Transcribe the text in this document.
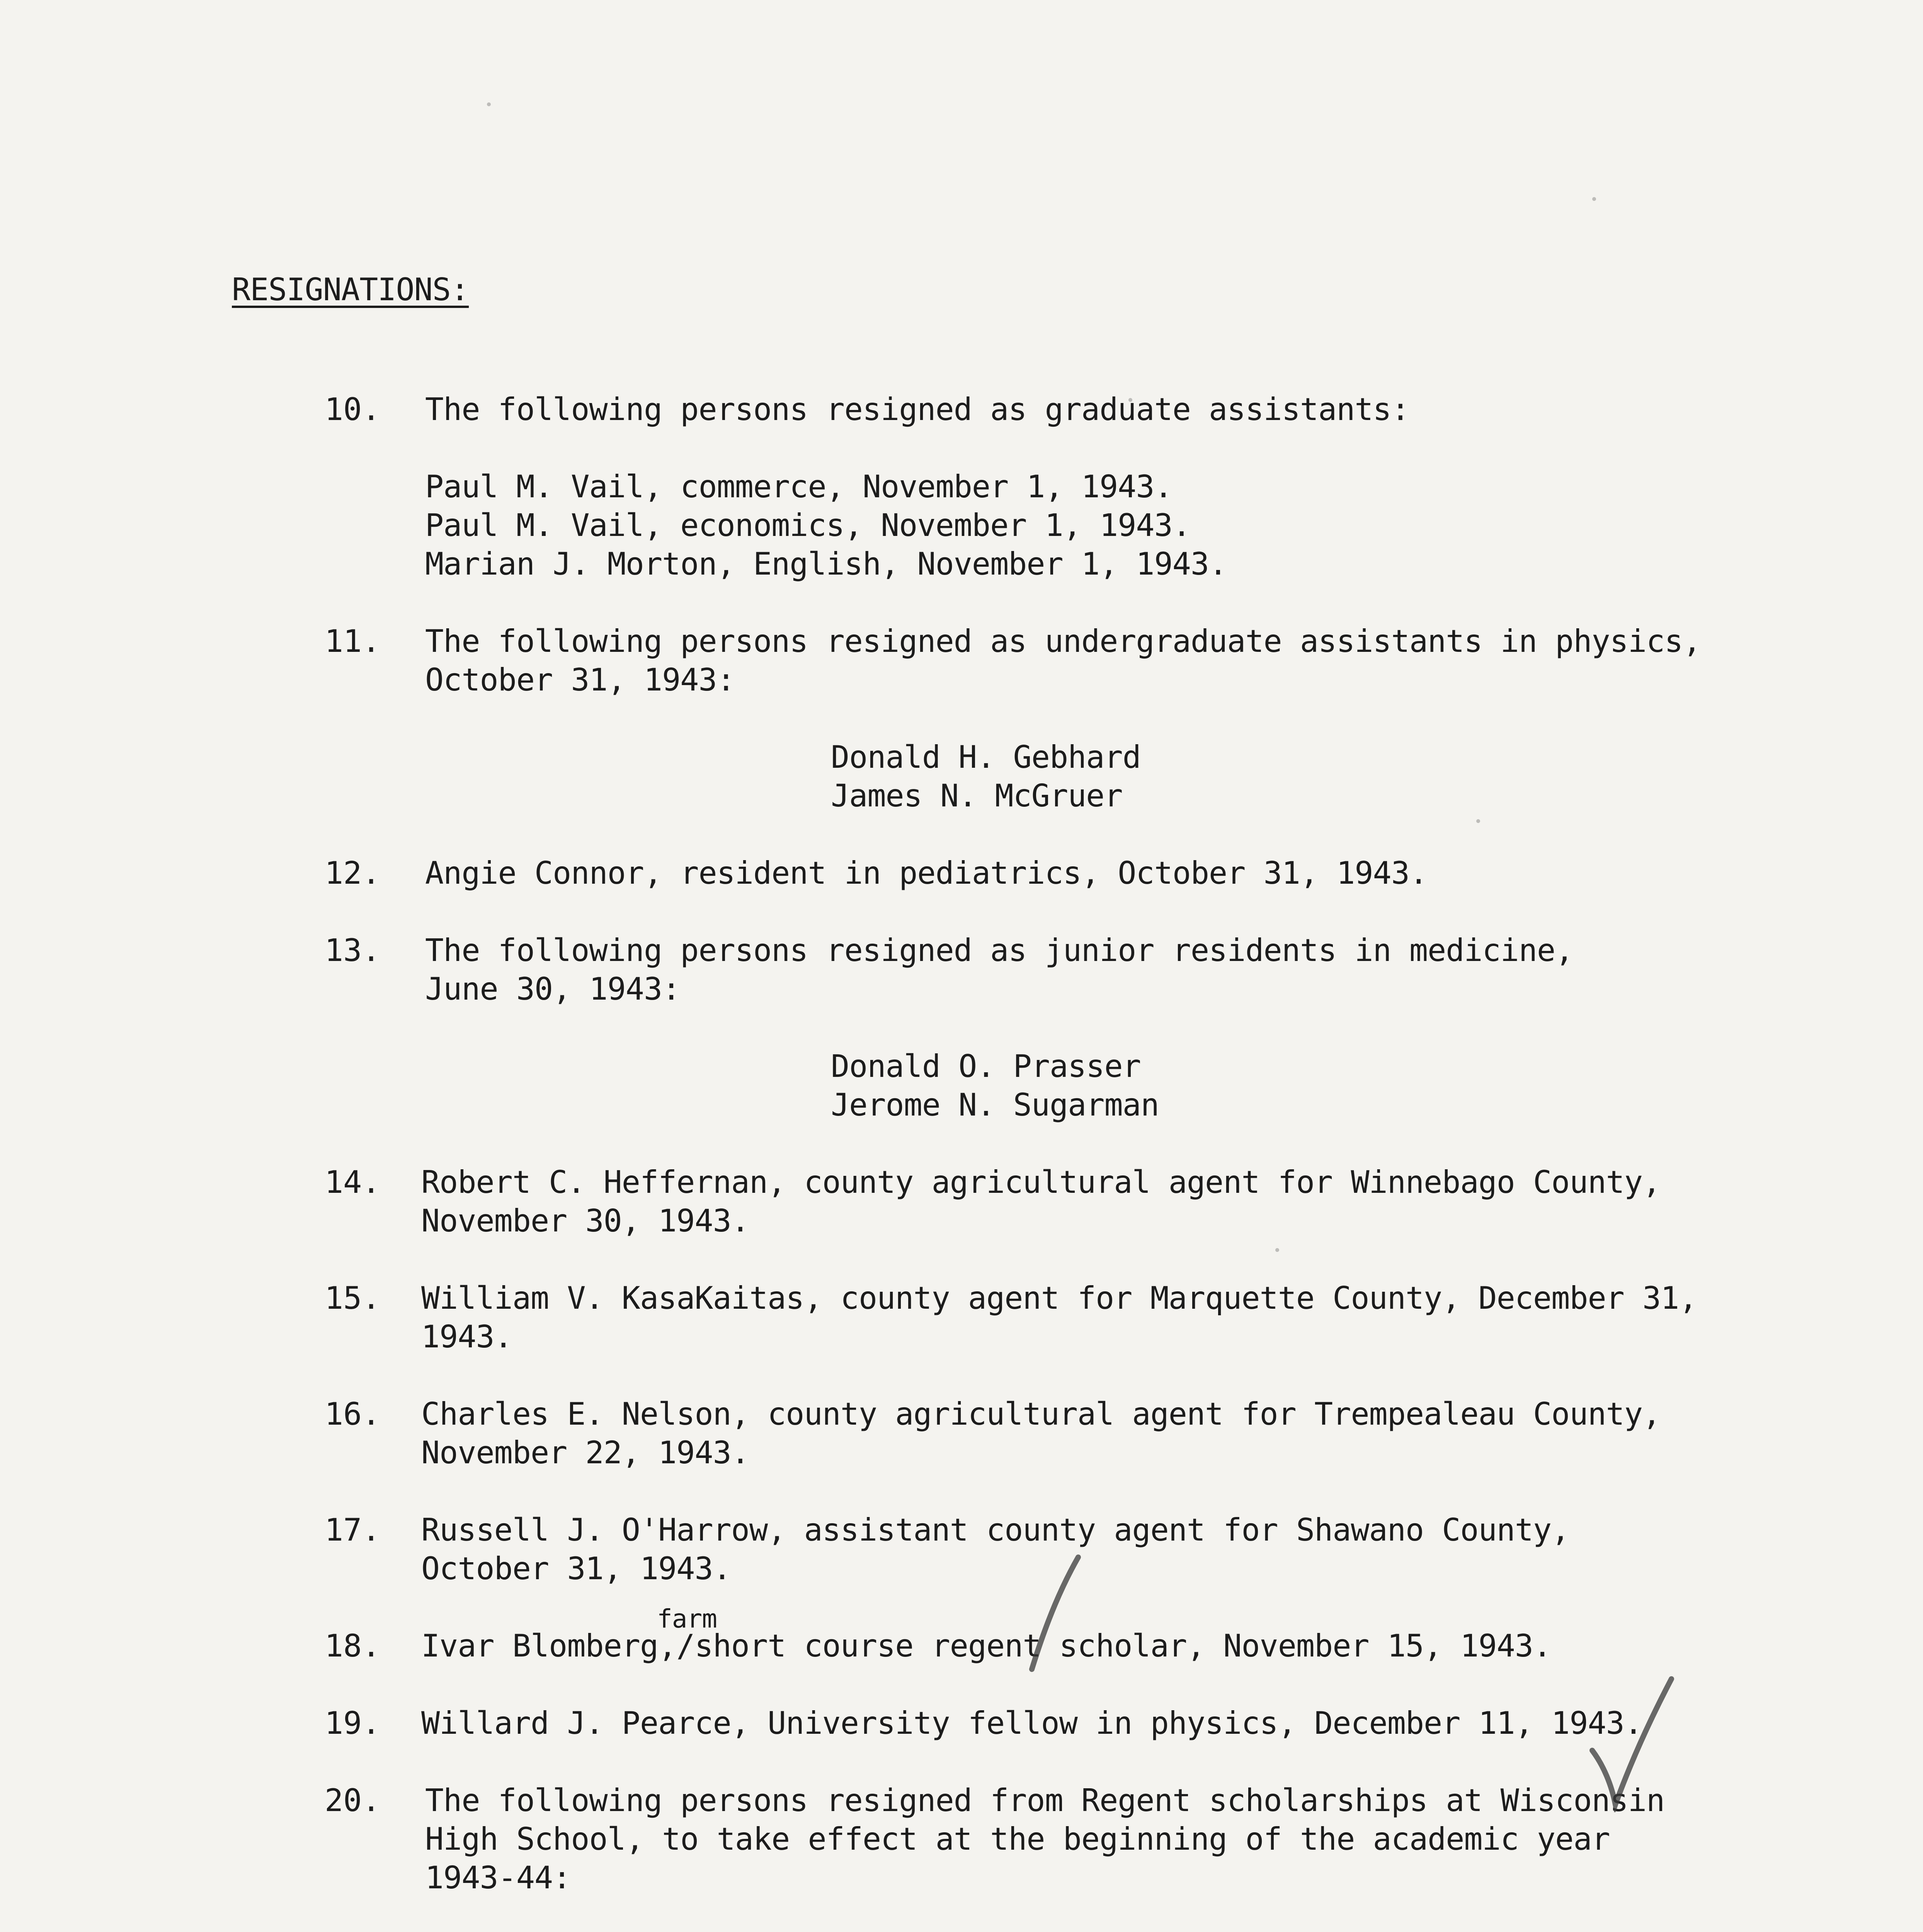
RESIGNATIONS:
10. The following persons resigned as graduate assistants:
Paul M. Vail, commerce, November 1, 1943.
Paul M. Vail, economics, November 1, 1943.
Marian J. Morton, English, November 1, 1943.
11. The following persons resigned as undergraduate assistants in physics,
October 31, 1943:
Donald H. Gebhard
James N. McGruer
12. Angie Connor, resident in pediatrics, October 31, 1943.
13. The following persons resigned as junior residents in medicine,
June 30, 1943:
Donald O. Prasser
Jerome N. Sugarman
14. Robert C. Heffernan, county agricultural agent for Winnebago County,
November 30, 1943.
15. William V. KasaKaitas, county agent for Marquette County, December 31,
1943.
16. Charles E. Nelson, county agricultural agent for Trempealeau County,
November 22, 1943.
17. Russell J. O'Harrow, assistant county agent for Shawano County,
October 31, 1943.
farm
18. Ivar Blomberg,/short course regent scholar, November 15, 1943.
19. Willard J. Pearce, University fellow in physics, December 11, 1943.
20. The following persons resigned from Regent scholarships at Wisconsin
High School, to take effect at the beginning of the academic year
1943-44:
